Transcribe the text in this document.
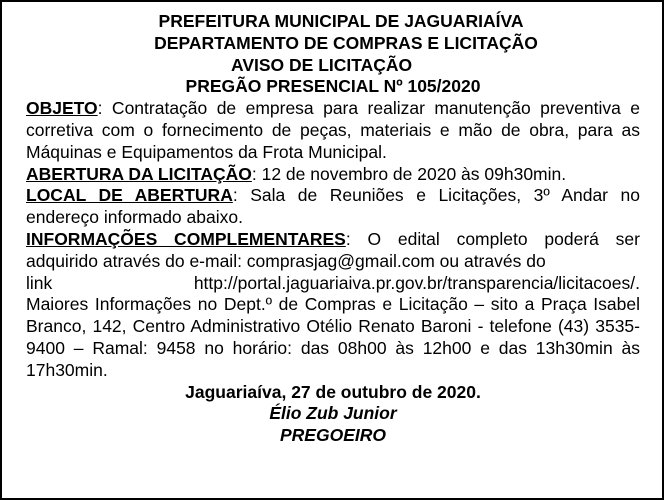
PREFEITURA MUNICIPAL DE JAGUARIAÍVA

DEPARTAMENTO DE COMPRAS E LICITAÇÃO

AVISO DE LICITAÇÃO

PREGÃO PRESENCIAL Nº 105/2020

OBJETO: Contratação de empresa para realizar manutenção preventiva e corretiva com o fornecimento de peças, materiais e mão de obra, para as Máquinas e Equipamentos da Frota Municipal.

ABERTURA DA LICITAÇÃO: 12 de novembro de 2020 às 09h30min.

LOCAL DE ABERTURA: Sala de Reuniões e Licitações, 3º Andar no endereço informado abaixo.

INFORMAÇÕES COMPLEMENTARES: O edital completo poderá ser adquirido através do e-mail: comprasjag@gmail.com ou através do

link http://portal.jaguariaiva.pr.gov.br/transparencia/licitacoes/.

Maiores Informações no Dept.º de Compras e Licitação – sito a Praça Isabel Branco, 142, Centro Administrativo Otélio Renato Baroni - telefone (43) 3535-9400 – Ramal: 9458 no horário: das 08h00 às 12h00 e das 13h30min às 17h30min.

Jaguariaíva, 27 de outubro de 2020.

Élio Zub Junior

PREGOEIRO
